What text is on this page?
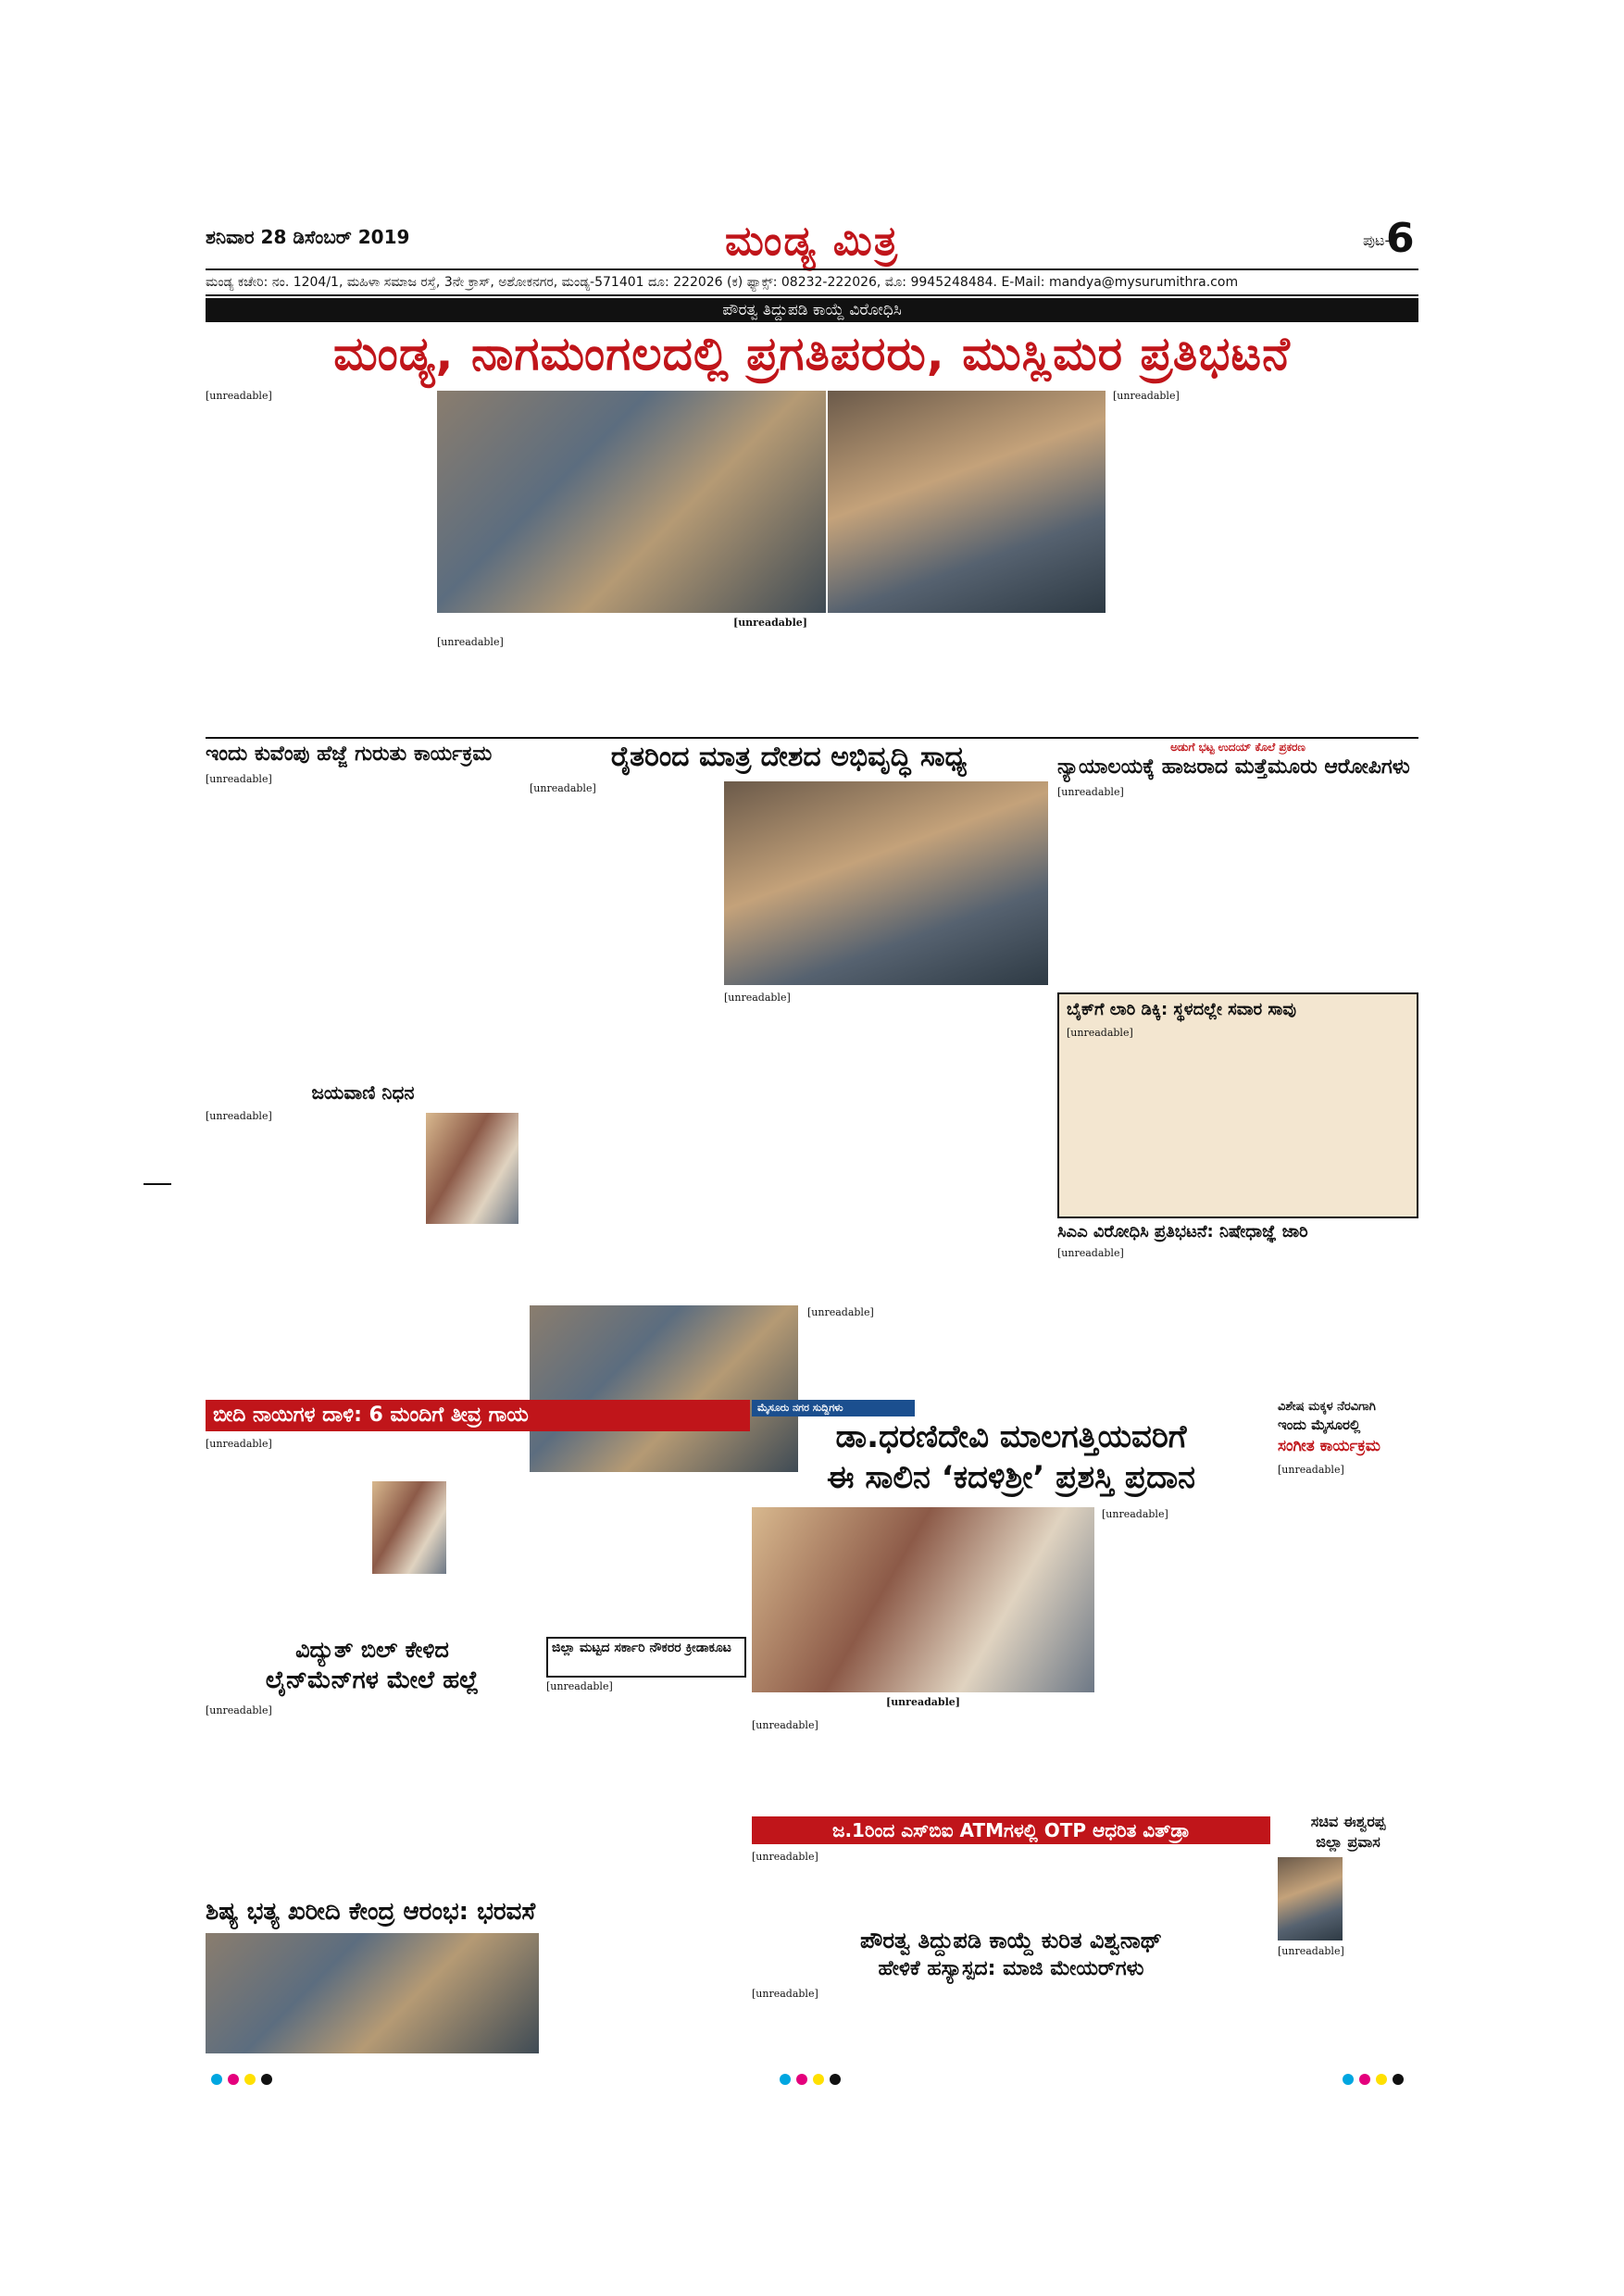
ಶನಿವಾರ 28 ಡಿಸೆಂಬರ್ 2019	ಮಂಡ್ಯ ಮಿತ್ರ	ಪುಟ-
6
ಮಂಡ್ಯ ಕಚೇರಿ: ನಂ. 1204/1, ಮಹಿಳಾ ಸಮಾಜ ರಸ್ತೆ, 3ನೇ ಕ್ರಾಸ್, ಅಶೋಕನಗರ, ಮಂಡ್ಯ-571401 ದೂ: 222026 (ಕ) ಫ್ಯಾಕ್ಸ್: 08232-222026, ಮೊ: 9945248484. E-Mail: mandya@mysurumithra.com
ಪೌರತ್ವ ತಿದ್ದುಪಡಿ ಕಾಯ್ದೆ ವಿರೋಧಿಸಿ
ಮಂಡ್ಯ, ನಾಗಮಂಗಲದಲ್ಲಿ ಪ್ರಗತಿಪರರು, ಮುಸ್ಲಿಮರ ಪ್ರತಿಭಟನೆ
[unreadable]
[unreadable]
[unreadable]
[unreadable]
ಇಂದು ಕುವೆಂಪು ಹೆಜ್ಜೆ ಗುರುತು ಕಾರ್ಯಕ್ರಮ
[unreadable]
ಜಯವಾಣಿ ನಿಧನ
[unreadable]
ರೈತರಿಂದ ಮಾತ್ರ ದೇಶದ ಅಭಿವೃದ್ಧಿ ಸಾಧ್ಯ
[unreadable]
[unreadable]
ಅಡುಗೆ ಭಟ್ಟ ಉದಯ್ ಕೊಲೆ ಪ್ರಕರಣ
ನ್ಯಾಯಾಲಯಕ್ಕೆ ಹಾಜರಾದ ಮತ್ತೆಮೂರು ಆರೋಪಿಗಳು
[unreadable]
ಬೈಕ್‌ಗೆ ಲಾರಿ ಡಿಕ್ಕಿ: ಸ್ಥಳದಲ್ಲೇ ಸವಾರ ಸಾವು
[unreadable]
ಸಿಎಎ ವಿರೋಧಿಸಿ ಪ್ರತಿಭಟನೆ: ನಿಷೇಧಾಜ್ಞೆ ಜಾರಿ
[unreadable]
[unreadable]
ಬೀದಿ ನಾಯಿಗಳ ದಾಳಿ: 6 ಮಂದಿಗೆ ತೀವ್ರ ಗಾಯ
[unreadable]
ಮೈಸೂರು ನಗರ ಸುದ್ದಿಗಳು
ಡಾ.ಧರಣಿದೇವಿ ಮಾಲಗತ್ತಿಯವರಿಗೆ
ಈ ಸಾಲಿನ ‘ಕದಳಿಶ್ರೀ’ ಪ್ರಶಸ್ತಿ ಪ್ರದಾನ
[unreadable]
[unreadable]
[unreadable]
ವಿಶೇಷ ಮಕ್ಕಳ ನೆರವಿಗಾಗಿ
ಇಂದು ಮೈಸೂರಲ್ಲಿ
ಸಂಗೀತ ಕಾರ್ಯಕ್ರಮ
[unreadable]
ವಿದ್ಯುತ್ ಬಿಲ್ ಕೇಳಿದ
ಲೈನ್‌ಮೆನ್‌ಗಳ ಮೇಲೆ ಹಲ್ಲೆ
[unreadable]
ಜಿಲ್ಲಾ ಮಟ್ಟದ ಸರ್ಕಾರಿ ನೌಕರರ ಕ್ರೀಡಾಕೂಟ
[unreadable]
ಜ.1ರಿಂದ ಎಸ್‌ಬಿಐ ATMಗಳಲ್ಲಿ OTP ಆಧರಿತ ವಿತ್‌ಡ್ರಾ
[unreadable]
ಸಚಿವ ಈಶ್ವರಪ್ಪ
ಜಿಲ್ಲಾ ಪ್ರವಾಸ
[unreadable]
ಶಿಷ್ಯ ಭತ್ಯ ಖರೀದಿ ಕೇಂದ್ರ ಆರಂಭ: ಭರವಸೆ
ಪೌರತ್ವ ತಿದ್ದುಪಡಿ ಕಾಯ್ದೆ ಕುರಿತ ವಿಶ್ವನಾಥ್
ಹೇಳಿಕೆ ಹಸ್ಯಾಸ್ಪದ: ಮಾಜಿ ಮೇಯರ್‌ಗಳು
[unreadable]
